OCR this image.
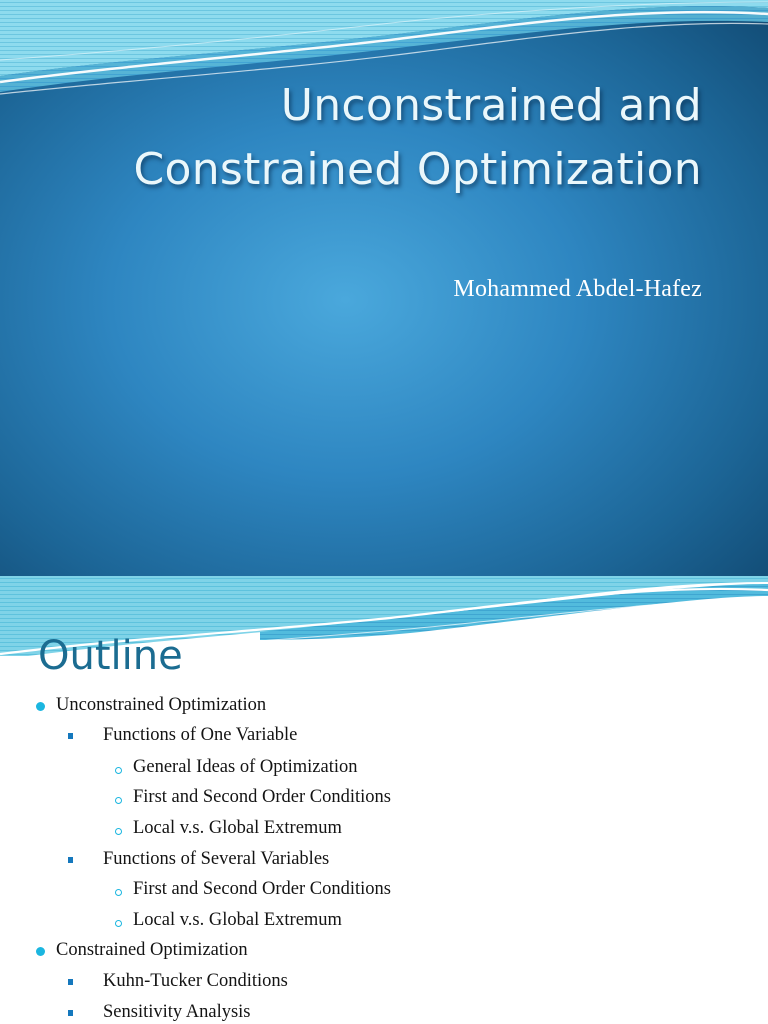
Unconstrained and
Constrained Optimization
Mohammed Abdel-Hafez
Outline
Unconstrained Optimization
Functions of One Variable
General Ideas of Optimization
First and Second Order Conditions
Local v.s. Global Extremum
Functions of Several Variables
First and Second Order Conditions
Local v.s. Global Extremum
Constrained Optimization
Kuhn-Tucker Conditions
Sensitivity Analysis
